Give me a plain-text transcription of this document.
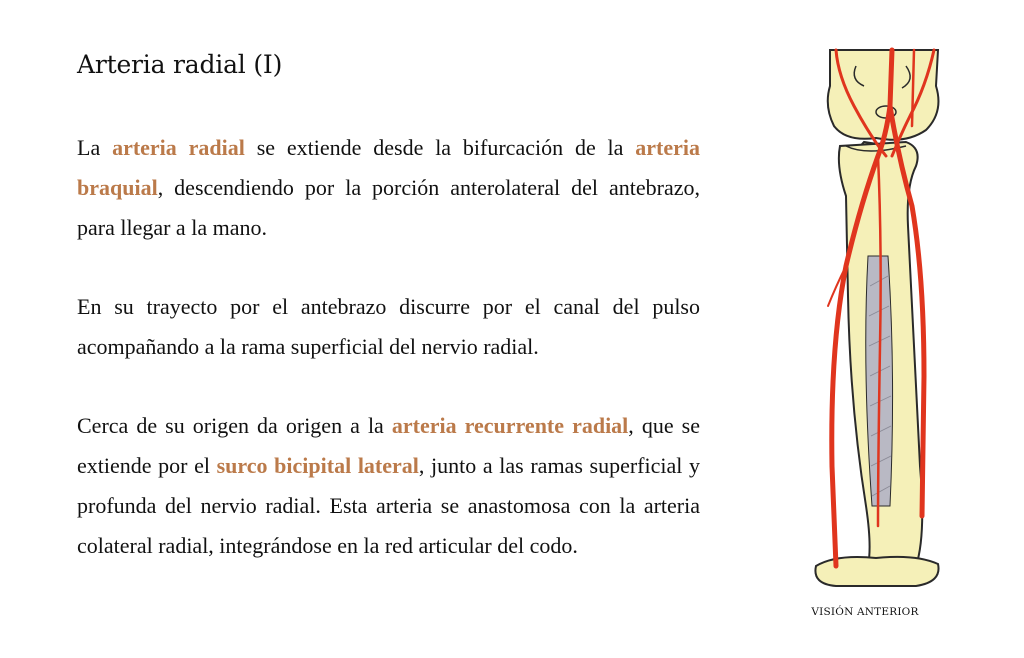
Arteria radial (I)

La arteria radial se extiende desde la bifurcación de la arteria braquial, descendiendo por la porción anterolateral del antebrazo, para llegar a la mano.

En su trayecto por el antebrazo discurre por el canal del pulso acompañando a la rama superficial del nervio radial.

Cerca de su origen da origen a la arteria recurrente radial, que se extiende por el surco bicipital lateral, junto a las ramas superficial y profunda del nervio radial. Esta arteria se anastomosa con la arteria colateral radial, integrándose en la red articular del codo.

VISIÓN ANTERIOR
